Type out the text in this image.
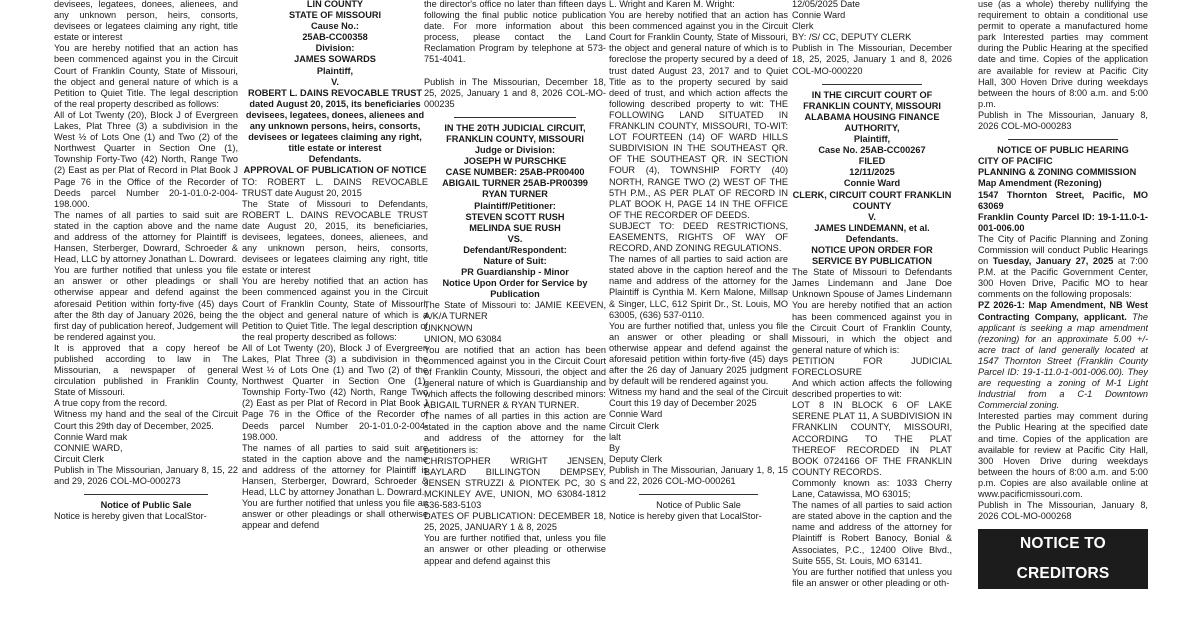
devisees, legatees, donees, alienees, and any unknown person, heirs, consorts, devisees or legatees claiming any right, title estate or interest

You are hereby notified that an action has been commenced against you in the Circuit Court of Franklin County, State of Missouri, the object and general nature of which is a Petition to Quiet Title. The legal description of the real property described as follows:

All of Lot Twenty (20), Block J of Evergreen Lakes, Plat Three (3) a subdivision in the West ½ of Lots One (1) and Two (2) of the Northwest Quarter in Section One (1), Township Forty-Two (42) North, Range Two (2) East as per Plat of Record in Plat Book J Page 76 in the Office of the Recorder of Deeds parcel Number 20-1-01.0-2-004-198.000.

The names of all parties to said suit are stated in the caption above and the name and address of the attorney for Plaintiff is Hansen, Sterberger, Dowrard, Schroeder & Head, LLC by attorney Jonathan L. Dowrard.

You are further notified that unless you file an answer or other pleadings or shall otherwise appear and defend against the aforesaid Petition within forty-five (45) days after the 8th day of January 2026, being the first day of publication hereof, Judgement will be rendered against you.

It is approved that a copy hereof be published according to law in The Missourian, a newspaper of general circulation published in Franklin County, State of Missouri.

A true copy from the record.

Witness my hand and the seal of the Circuit Court this 29th day of December, 2025.

Connie Ward mak

CONNIE WARD,

Circuit Clerk

Publish in The Missourian, January 8, 15, 22 and 29, 2026 COL-MO-000273

Notice of Public Sale

Notice is hereby given that LocalStor-

LIN COUNTY

STATE OF MISSOURI

Cause No.:

25AB-CC00358

Division:

JAMES SOWARDS

Plaintiff,

V.

ROBERT L. DAINS REVOCABLE TRUST dated August 20, 2015, its beneficiaries devisees, legatees, donees, alienees and any unknown persons, heirs, consorts, devisees or legatees claiming any right, title estate or interest

Defendants.

APPROVAL OF PUBLICATION OF NOTICE

TO: ROBERT L. DAINS REVOCABLE TRUST date August 20, 2015

The State of Missouri to Defendants, ROBERT L. DAINS REVOCABLE TRUST date August 20, 2015, its beneficiaries, devisees, legatees, donees, alienees, and any unknown person, heirs, consorts, devisees or legatees claiming any right, title estate or interest

You are hereby notified that an action has been commenced against you in the Circuit Court of Franklin County, State of Missouri, the object and general nature of which is a Petition to Quiet Title. The legal description of the real property described as follows:

All of Lot Twenty (20), Block J of Evergreen Lakes, Plat Three (3) a subdivision in the West ½ of Lots One (1) and Two (2) of the Northwest Quarter in Section One (1), Township Forty-Two (42) North, Range Two (2) East as per Plat of Record in Plat Book J Page 76 in the Office of the Recorder of Deeds parcel Number 20-1-01.0-2-004-198.000.

The names of all parties to said suit are stated in the caption above and the name and address of the attorney for Plaintiff is Hansen, Sterberger, Dowrard, Schroeder & Head, LLC by attorney Jonathan L. Dowrard.

You are further notified that unless you file an answer or other pleadings or shall otherwise appear and defend

the director's office no later than fifteen days following the final public notice publication date. For more information about this process, please contact the Land Reclamation Program by telephone at 573-751-4041.

Publish in The Missourian, December 18, 25, 2025, January 1 and 8, 2026 COL-MO-000235

IN THE 20TH JUDICIAL CIRCUIT, FRANKLIN COUNTY, MISSOURI

Judge or Division:

JOSEPH W PURSCHKE

CASE NUMBER: 25AB-PR00400

ABIGAIL TURNER 25AB-PR00399

RYAN TURNER

Plaintiff/Petitioner:

STEVEN SCOTT RUSH

MELINDA SUE RUSH

VS.

Defendant/Respondent:

Nature of Suit:

PR Guardianship - Minor

Notice Upon Order for Service by Publication

The State of Missouri to: JAMIE KEEVEN, A/K/A TURNER

UNKNOWN

UNION, MO 63084

You are notified that an action has been commenced against you in the Circuit Court of Franklin County, Missouri, the object and general nature of which is Guardianship and which affects the following described minors: ABIGAIL TURNER & RYAN TURNER.

The names of all parties in this action are stated in the caption above and the name and address of the attorney for the petitioners is:

CHRISTOPHER WRIGHT JENSEN, BAYLARD BILLINGTON DEMPSEY, JENSEN STRUZZI & PIONTEK PC, 30 S MCKINLEY AVE, UNION, MO 63084-1812 636-583-5103

DATES OF PUBLICATION: DECEMBER 18, 25, 2025, JANUARY 1 & 8, 2025

You are further notified that, unless you file an answer or other pleading or otherwise appear and defend against this

L. Wright and Karen M. Wright:

You are hereby notified that an action has been commenced against you in the Circuit Court for Franklin County, State of Missouri, the object and general nature of which is to foreclose the property secured by a deed of trust dated August 23, 2017 and to Quiet Title as to the property secured by said deed of trust, and which action affects the following described property to wit: THE FOLLOWING LAND SITUATED IN FRANKLIN COUNTY, MISSOURI, TO-WIT: LOT FOURTEEN (14) OF WARD HILLS SUBDIVISION IN THE SOUTHEAST QR. OF THE SOUTHEAST QR. IN SECTION FOUR (4), TOWNSHIP FORTY (40) NORTH, RANGE TWO (2) WEST OF THE 5TH P.M., AS PER PLAT OF RECORD IN PLAT BOOK H, PAGE 14 IN THE OFFICE OF THE RECORDER OF DEEDS.

SUBJECT TO: DEED RESTRICTIONS, EASEMENTS, RIGHTS OF WAY OF RECORD, AND ZONING REGULATIONS.

The names of all parties to said action are stated above in the caption hereof and the name and address of the attorney for the Plaintiff is Cynthia M. Kern Malone, Millsap & Singer, LLC, 612 Spirit Dr., St. Louis, MO 63005, (636) 537-0110.

You are further notified that, unless you file an answer or other pleading or shall otherwise appear and defend against the aforesaid petition within forty-five (45) days after the 26 day of January 2025 judgment by default will be rendered against you.

Witness my hand and the seal of the Circuit Court this 19 day of December 2025

Connie Ward

Circuit Clerk

lalt

By

Deputy Clerk

Publish in The Missourian, January 1, 8, 15 and 22, 2026 COL-MO-000261

Notice of Public Sale

Notice is hereby given that LocalStor-

12/05/2025 Date

Connie Ward

Clerk

BY: /S/ CC, DEPUTY CLERK

Publish in The Missourian, December 18, 25, 2025, January 1 and 8, 2026 COL-MO-000220

IN THE CIRCUIT COURT OF FRANKLIN COUNTY, MISSOURI

ALABAMA HOUSING FINANCE AUTHORITY,

Plaintiff,

Case No. 25AB-CC00267

FILED

12/11/2025

Connie Ward

CLERK, CIRCUIT COURT FRANKLIN COUNTY

V.

JAMES LINDEMANN, et al.

Defendants.

NOTICE UPON ORDER FOR SERVICE BY PUBLICATION

The State of Missouri to Defendants James Lindemann and Jane Doe Unknown Spouse of James Lindemann

You are hereby notified that an action has been commenced against you in the Circuit Court of Franklin County, Missouri, in which the object and general nature of which is:

PETITION FOR JUDICIAL FORECLOSURE

And which action affects the following described properties to wit:

LOT 8 IN BLOCK 6 OF LAKE SERENE PLAT 11, A SUBDIVISION IN FRANKLIN COUNTY, MISSOURI, ACCORDING TO THE PLAT THEREOF RECORDED IN PLAT BOOK 0724166 OF THE FRANKLIN COUNTY RECORDS.

Commonly known as: 1033 Cherry Lane, Catawissa, MO 63015;

The names of all parties to said action are stated above in the caption and the name and address of the attorney for Plaintiff is Robert Banocy, Bonial & Associates, P.C., 12400 Olive Blvd., Suite 555, St. Louis, MO 63141.

You are further notified that unless you file an answer or other pleading or oth-

use (as a whole) thereby nullifying the requirement to obtain a conditional use permit to operate a manufactured home park Interested parties may comment during the Public Hearing at the specified date and time. Copies of the application are available for review at Pacific City Hall, 300 Hoven Drive during weekdays between the hours of 8:00 a.m. and 5:00 p.m.

Publish in The Missourian, January 8, 2026 COL-MO-000283

NOTICE OF PUBLIC HEARING

CITY OF PACIFIC

PLANNING & ZONING COMMISSION

Map Amendment (Rezoning)

1547 Thornton Street, Pacific, MO 63069

Franklin County Parcel ID: 19-1-11.0-1-001-006.00

The City of Pacific Planning and Zoning Commission will conduct Public Hearings on Tuesday, January 27, 2025 at 7:00 P.M. at the Pacific Government Center, 300 Hoven Drive, Pacific MO to hear comments on the following proposals:

PZ 2026-1: Map Amendment, NB West Contracting Company, applicant. The applicant is seeking a map amendment (rezoning) for an approximate 5.00 +/- acre tract of land generally located at 1547 Thornton Street (Franklin County Parcel ID: 19-1-11.0-1-001-006.00). They are requesting a zoning of M-1 Light Industrial from a C-1 Downtown Commercial zoning.

Interested parties may comment during the Public Hearing at the specified date and time. Copies of the application are available for review at Pacific City Hall, 300 Hoven Drive during weekdays between the hours of 8:00 a.m. and 5:00 p.m. Copies are also available online at www.pacificmissouri.com.

Publish in The Missourian, January 8, 2026 COL-MO-000268

NOTICE TO CREDITORS
